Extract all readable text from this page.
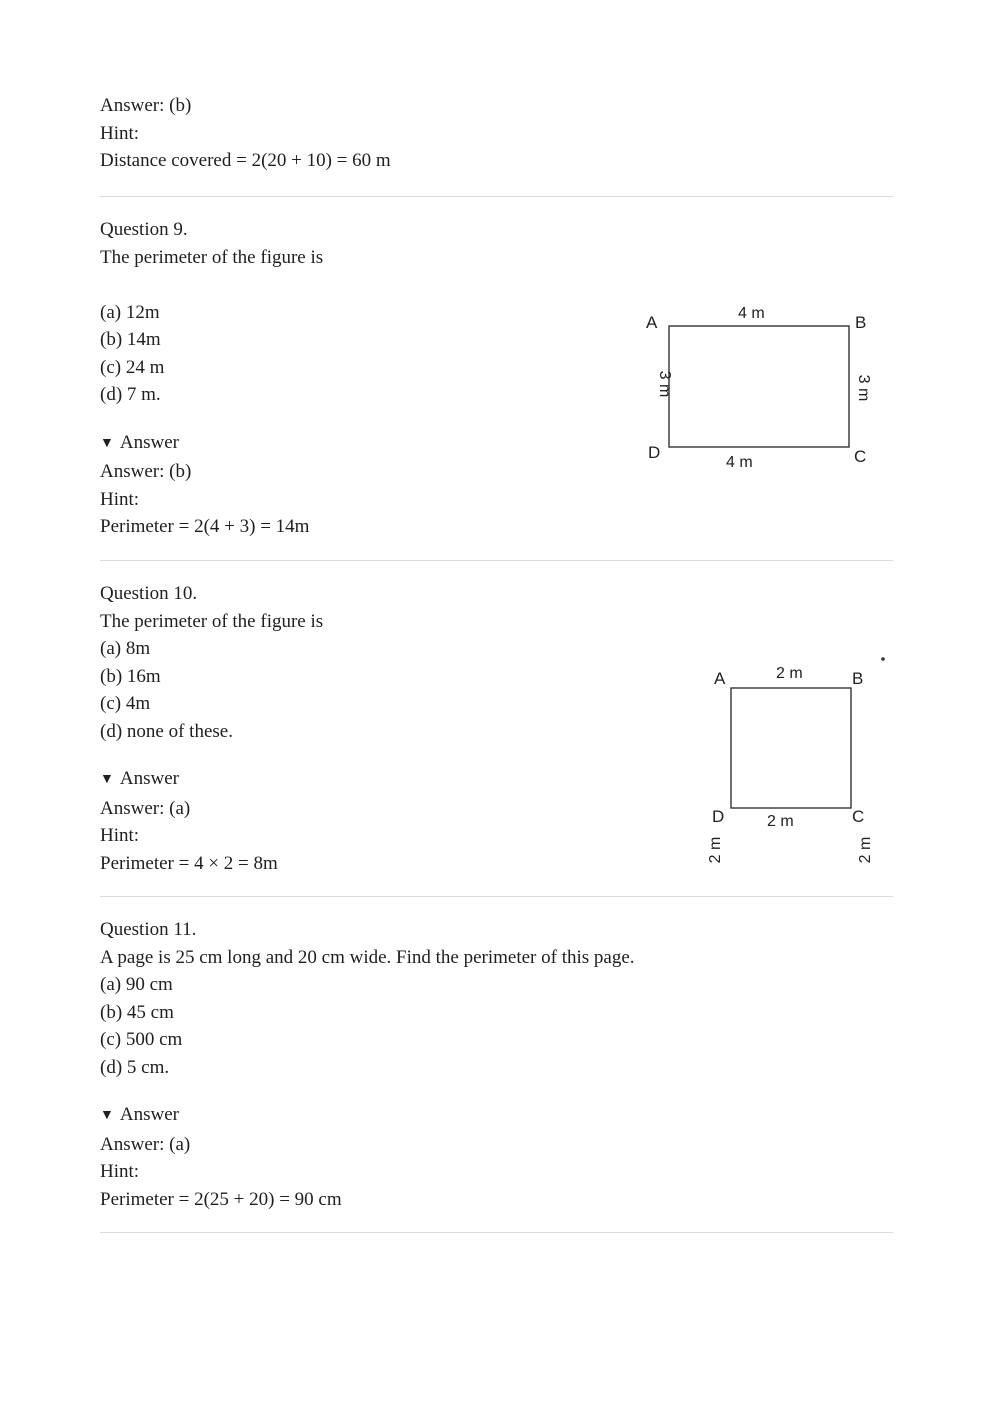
Answer: (b)
Hint:
Distance covered = 2(20 + 10) = 60 m
Question 9.
The perimeter of the figure is
(a) 12m
(b) 14m
(c) 24 m
(d) 7 m.
▼ Answer
Answer: (b)
Hint:
Perimeter = 2(4 + 3) = 14m
A	B
C
D
4 m
4 m
3 m	3 m
Question 10.
The perimeter of the figure is
(a) 8m
(b) 16m
(c) 4m
(d) none of these.
▼ Answer
Answer: (a)
Hint:
Perimeter = 4 × 2 = 8m
A	B
C
D
2 m
2 m
2 m	2 m
Question 11.
A page is 25 cm long and 20 cm wide. Find the perimeter of this page.
(a) 90 cm
(b) 45 cm
(c) 500 cm
(d) 5 cm.
▼ Answer
Answer: (a)
Hint:
Perimeter = 2(25 + 20) = 90 cm
